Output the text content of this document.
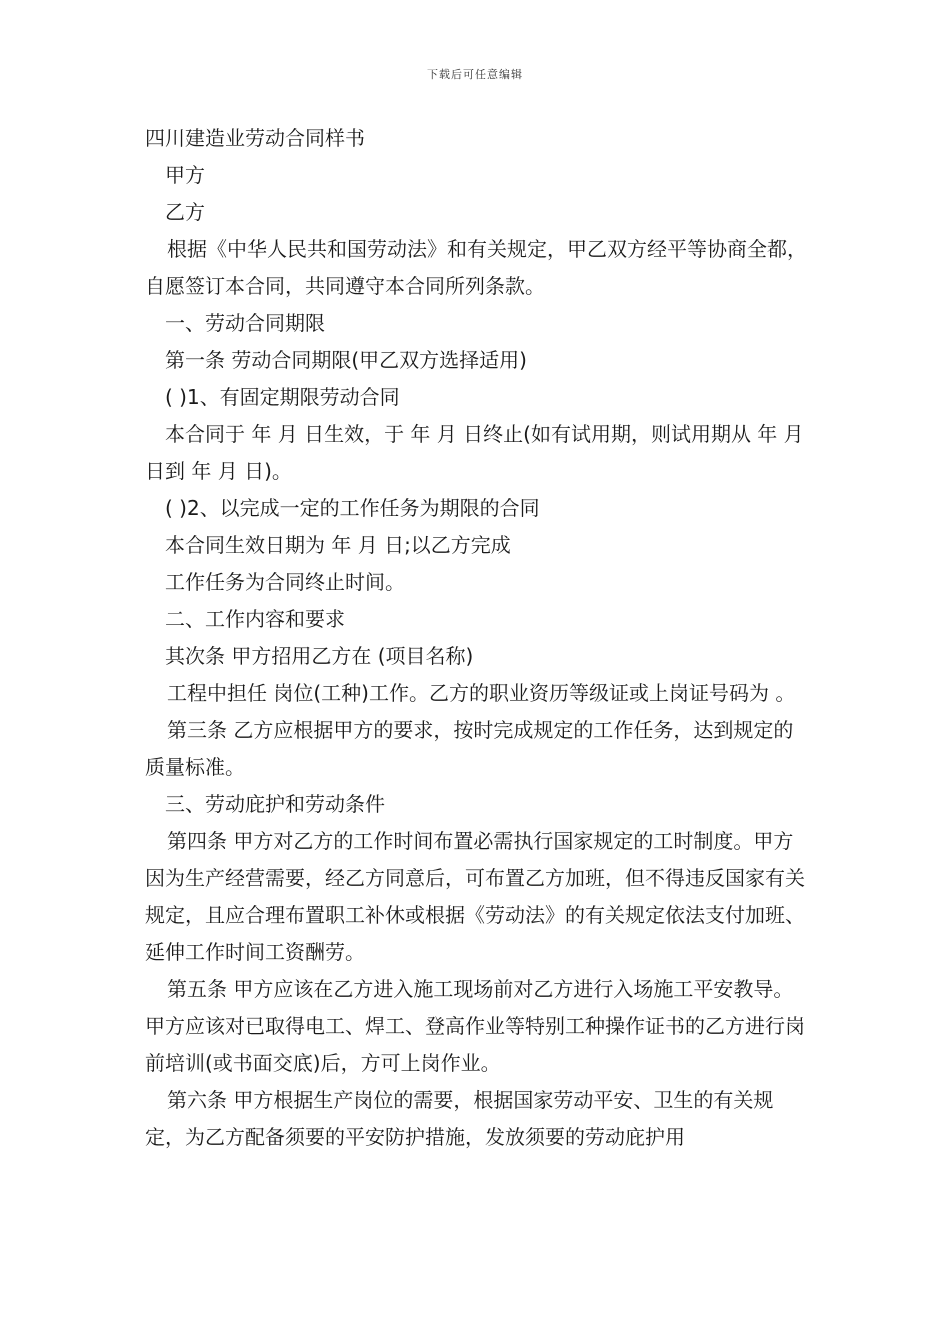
下载后可任意编辑

四川建造业劳动合同样书

甲方

乙方

根据《中华人民共和国劳动法》和有关规定，甲乙双方经平等协商全都，自愿签订本合同，共同遵守本合同所列条款。

一、劳动合同期限

第一条 劳动合同期限(甲乙双方选择适用)

( )1、有固定期限劳动合同

本合同于 年 月 日生效，于 年 月 日终止(如有试用期，则试用期从 年 月 日到 年 月 日)。

( )2、以完成一定的工作任务为期限的合同

本合同生效日期为 年 月 日;以乙方完成

工作任务为合同终止时间。

二、工作内容和要求

其次条 甲方招用乙方在 (项目名称)

工程中担任 岗位(工种)工作。乙方的职业资历等级证或上岗证号码为 。

第三条 乙方应根据甲方的要求，按时完成规定的工作任务，达到规定的质量标准。

三、劳动庇护和劳动条件

第四条 甲方对乙方的工作时间布置必需执行国家规定的工时制度。甲方因为生产经营需要，经乙方同意后，可布置乙方加班，但不得违反国家有关规定，且应合理布置职工补休或根据《劳动法》的有关规定依法支付加班、延伸工作时间工资酬劳。

第五条 甲方应该在乙方进入施工现场前对乙方进行入场施工平安教导。甲方应该对已取得电工、焊工、登高作业等特别工种操作证书的乙方进行岗前培训(或书面交底)后，方可上岗作业。

第六条 甲方根据生产岗位的需要，根据国家劳动平安、卫生的有关规定，为乙方配备须要的平安防护措施，发放须要的劳动庇护用
